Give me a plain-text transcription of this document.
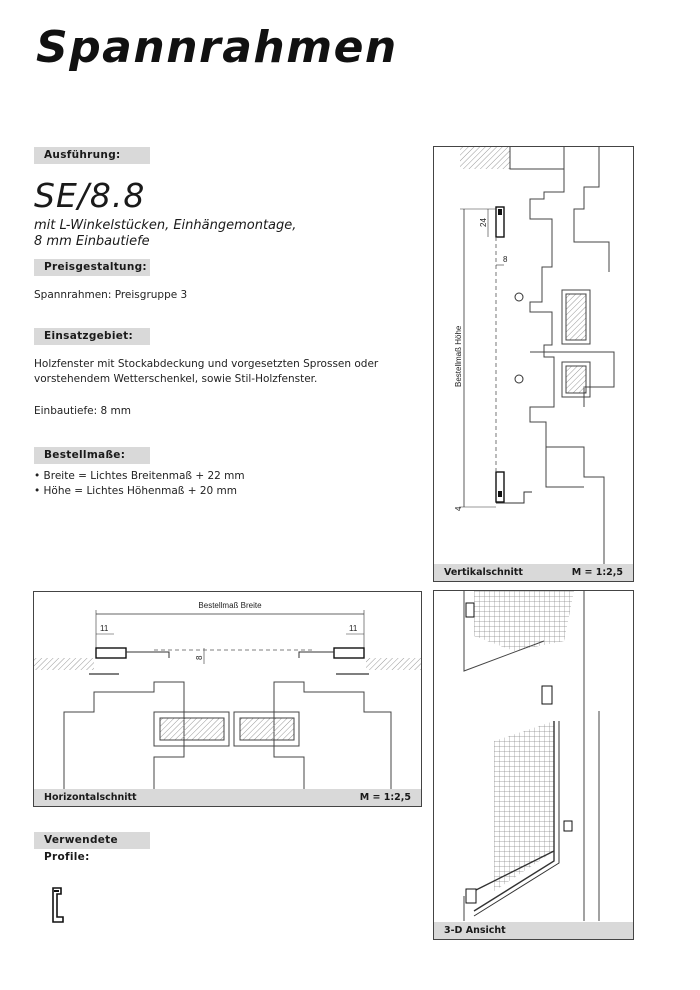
Spannrahmen
Ausführung:
SE/8.8
mit L-Winkelstücken, Einhängemontage,
8 mm Einbautiefe
Preisgestaltung:
Spannrahmen: Preisgruppe 3
Einsatzgebiet:
Holzfenster mit Stockabdeckung und vorgesetzten Sprossen oder
vorstehendem Wetterschenkel, sowie Stil-Holzfenster.
Einbautiefe: 8 mm
Bestellmaße:
• Breite = Lichtes Breitenmaß + 22 mm
• Höhe = Lichtes Höhenmaß + 20 mm
Verwendete Profile:
24
8
4
Bestellmaß Höhe
Vertikalschnitt	M = 1:2,5
Bestellmaß Breite
11	11
8
Horizontalschnitt	M = 1:2,5
3-D Ansicht
